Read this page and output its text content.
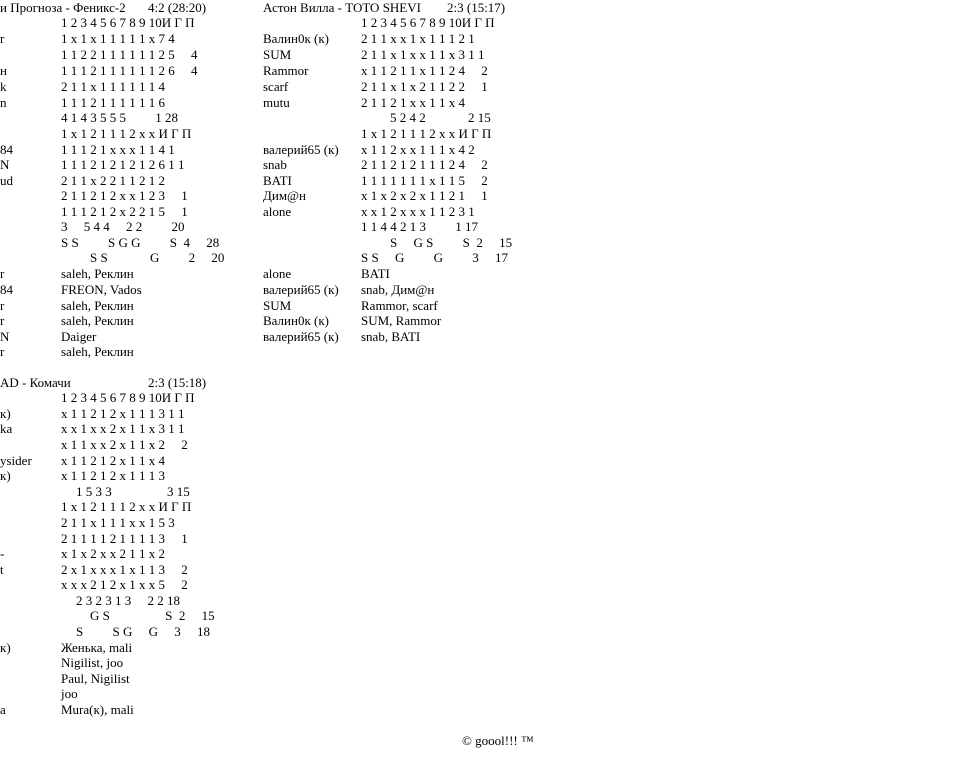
и Прогноза - Феникс-2 4:2 (28:20)
1 2 3 4 5 6 7 8 9 10И Г П
r	1 x 1 x 1 1 1 1 1 x 7 4
1 1 2 2 1 1 1 1 1 1 2 5     4
н	1 1 1 2 1 1 1 1 1 1 2 6     4
k	2 1 1 x 1 1 1 1 1 1 4
n	1 1 1 2 1 1 1 1 1 1 6
4 1 4 3 5 5 5         1 28
1 x 1 2 1 1 1 2 x x И Г П
84	1 1 1 2 1 x x x 1 1 4 1
N	1 1 1 2 1 2 1 2 1 2 6 1 1
ud	2 1 1 x 2 2 1 1 2 1 2
2 1 1 2 1 2 x x 1 2 3     1
1 1 1 2 1 2 x 2 2 1 5     1
3     5 4 4     2 2         20
S S         S G G         S  4     28
S S             G         2     20
r	saleh, Реклин
84	FREON, Vados
r	saleh, Реклин
r	saleh, Реклин
N	Daiger
r	saleh, Реклин
Астон Вилла - TOTO SHEVI 2:3 (15:17)
1 2 3 4 5 6 7 8 9 10И Г П
Валин0к (к) 2 1 1 x x 1 x 1 1 1 2 1
SUM	2 1 1 x 1 x x 1 1 x 3 1 1
Rammor	x 1 1 2 1 1 x 1 1 2 4     2
scarf	2 1 1 x 1 x 2 1 1 2 2     1
mutu	2 1 1 2 1 x x 1 1 x 4
5 2 4 2             2 15
1 x 1 2 1 1 1 2 x x И Г П
валерий65 (к) x 1 1 2 x x 1 1 1 x 4 2
snab	2 1 1 2 1 2 1 1 1 2 4     2
BATI	1 1 1 1 1 1 1 x 1 1 5     2
Дим@н	x 1 x 2 x 2 x 1 1 2 1     1
alone	x x 1 2 x x x 1 1 2 3 1
1 1 4 4 2 1 3         1 17
S     G S         S  2     15
S S     G         G         3     17
alone	BATI
валерий65 (к) snab, Дим@н
SUM	Rammor, scarf
Валин0к (к) SUM, Rammor
валерий65 (к) snab, BATI
AD - Комачи	2:3 (15:18)
1 2 3 4 5 6 7 8 9 10И Г П
к)	x 1 1 2 1 2 x 1 1 1 3 1 1
ka	x x 1 x x 2 x 1 1 x 3 1 1
x 1 1 x x 2 x 1 1 x 2     2
ysider x 1 1 2 1 2 x 1 1 x 4
к)	x 1 1 2 1 2 x 1 1 1 3
1 5 3 3                 3 15
1 x 1 2 1 1 1 2 x x И Г П
2 1 1 x 1 1 1 x x 1 5 3
2 1 1 1 1 2 1 1 1 1 3     1
-	x 1 x 2 x x 2 1 1 x 2
t	2 x 1 x x x 1 x 1 1 3     2
x x x 2 1 2 x 1 x x 5     2
2 3 2 3 1 3     2 2 18
G S                 S  2     15
S         S G     G     3     18
к)	Женька, mali
Nigilist, joo
Paul, Nigilist
joo
a	Mura(к), mali
© goool!!! ™
